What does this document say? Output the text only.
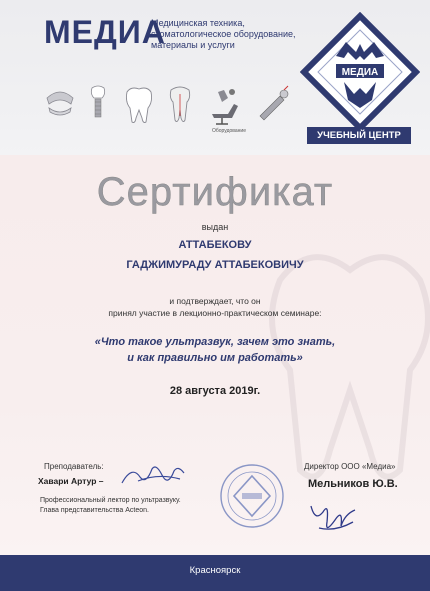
МЕДИА
Медицинская техника,
стоматологическое оборудование,
материалы и услуги
Оборудование
МЕДИА
УЧЕБНЫЙ ЦЕНТР
Сертификат
выдан
АТТАБЕКОВУ
ГАДЖИМУРАДУ АТТАБЕКОВИЧУ
и подтверждает, что он
принял участие в лекционно-практическом семинаре:
«Что такое ультразвук, зачем это знать,
и как правильно им работать»
28 августа 2019г.
Преподаватель:
Хавари Артур –
Профессиональный лектор по ультразвуку.
Глава представительства Acteon.
Директор ООО «Медиа»
Мельников Ю.В.
Красноярск
